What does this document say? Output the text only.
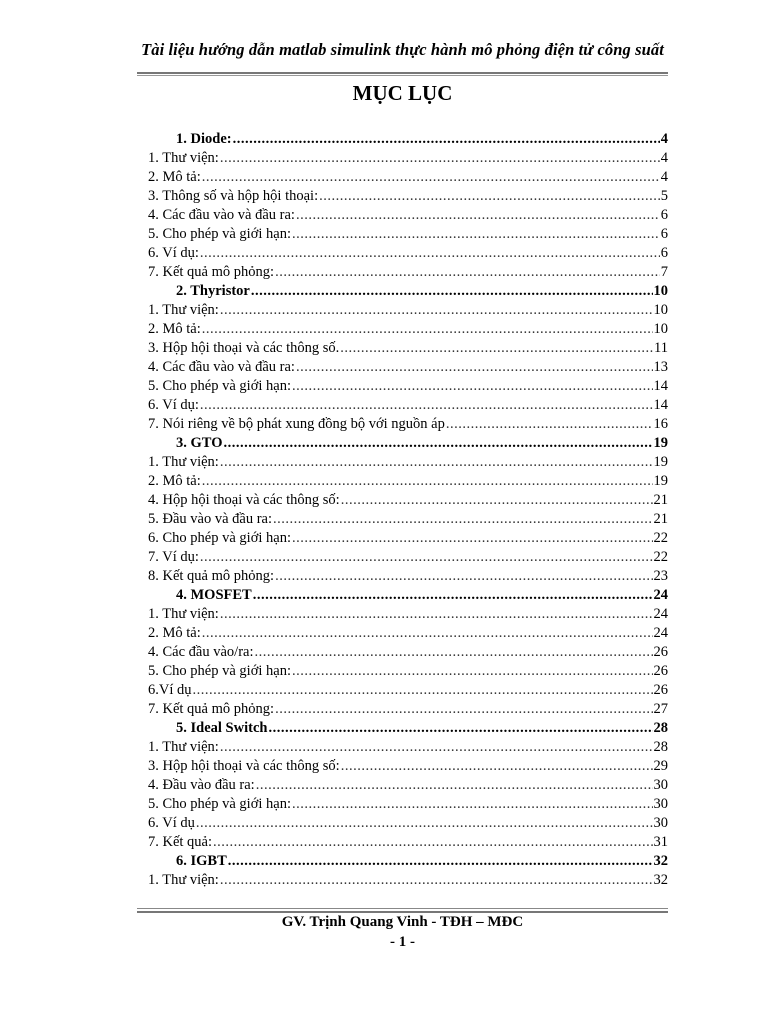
Tài liệu hướng dẫn matlab simulink thực hành mô phỏng điện tử công suất
MỤC LỤC
1. Diode: .....	4
1. Thư viện: .....	4
2. Mô tả: .....	4
3. Thông số và hộp hội thoại: .....	5
4. Các đầu vào và đầu ra: .....	6
5. Cho phép và giới hạn: .....	6
6. Ví dụ: .....	6
7. Kết quả mô phỏng: .....	7
2. Thyristor .....	10
1. Thư viện: .....	10
2. Mô tả: .....	10
3. Hộp hội thoại và các thông số. .....	11
4. Các đầu vào và đầu ra: .....	13
5. Cho phép và giới hạn: .....	14
6. Ví dụ: .....	14
7. Nói riêng về bộ phát xung đồng bộ với nguồn áp .....	16
3. GTO .....	19
1. Thư viện: .....	19
2. Mô tả: .....	19
4. Hộp hội thoại và các thông số: .....	21
5. Đầu vào và đầu ra: .....	21
6. Cho phép và giới hạn: .....	22
7. Ví dụ: .....	22
8. Kết quả mô phỏng: .....	23
4. MOSFET .....	24
1. Thư viện: .....	24
2. Mô tả: .....	24
4. Các đầu vào/ra: .....	26
5. Cho phép và giới hạn: .....	26
6.Ví dụ .....	26
7. Kết quả mô phỏng: .....	27
5. Ideal Switch .....	28
1. Thư viện: .....	28
3. Hộp hội thoại và các thông số: .....	29
4. Đầu vào đầu ra: .....	30
5. Cho phép và giới hạn: .....	30
6. Ví dụ .....	30
7. Kết quả: .....	31
6. IGBT .....	32
1. Thư viện: .....	32
GV. Trịnh Quang Vinh - TĐH – MĐC
- 1 -
